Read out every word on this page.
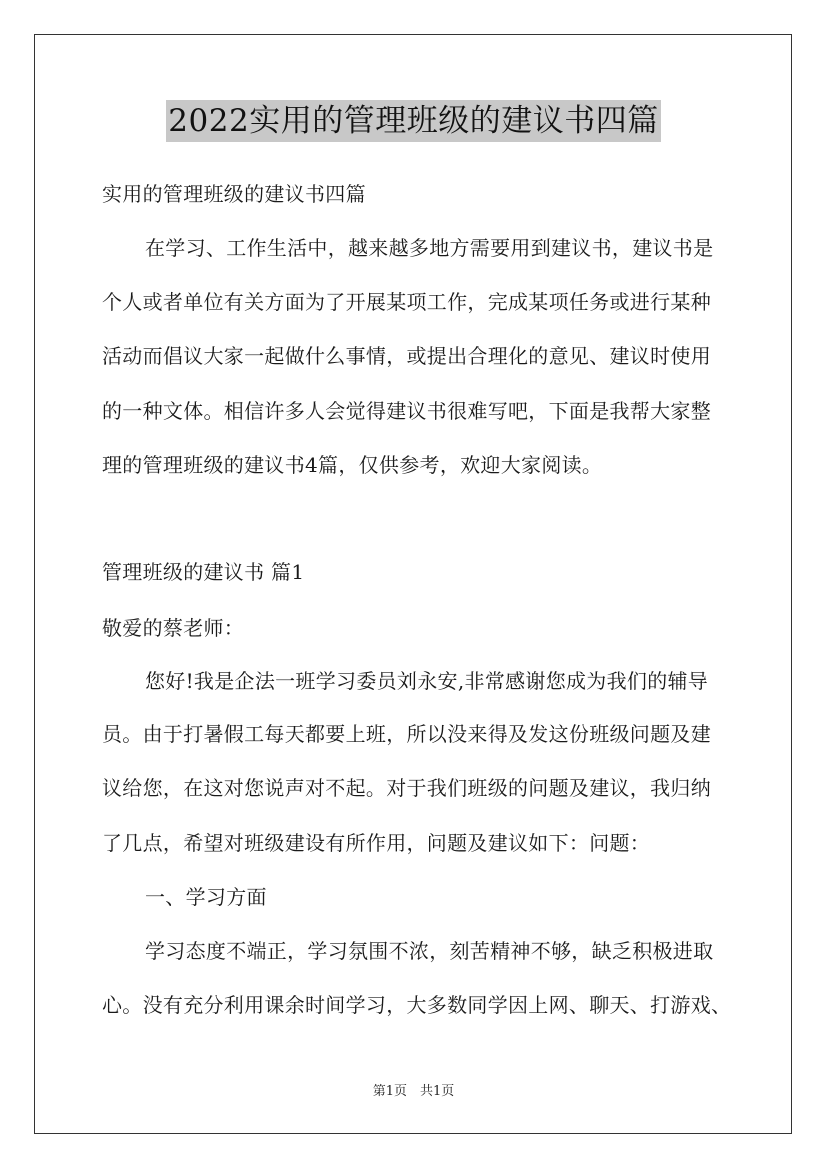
2022实用的管理班级的建议书四篇
实用的管理班级的建议书四篇
在学习、工作生活中，越来越多地方需要用到建议书，建议书是
个人或者单位有关方面为了开展某项工作，完成某项任务或进行某种
活动而倡议大家一起做什么事情，或提出合理化的意见、建议时使用
的一种文体。相信许多人会觉得建议书很难写吧，下面是我帮大家整
理的管理班级的建议书4篇，仅供参考，欢迎大家阅读。
管理班级的建议书 篇1
敬爱的蔡老师：
您好!我是企法一班学习委员刘永安,非常感谢您成为我们的辅导
员。由于打暑假工每天都要上班，所以没来得及发这份班级问题及建
议给您，在这对您说声对不起。对于我们班级的问题及建议，我归纳
了几点，希望对班级建设有所作用，问题及建议如下：问题：
一、学习方面
学习态度不端正，学习氛围不浓，刻苦精神不够，缺乏积极进取
心。没有充分利用课余时间学习，大多数同学因上网、聊天、打游戏、
第1页　共1页
